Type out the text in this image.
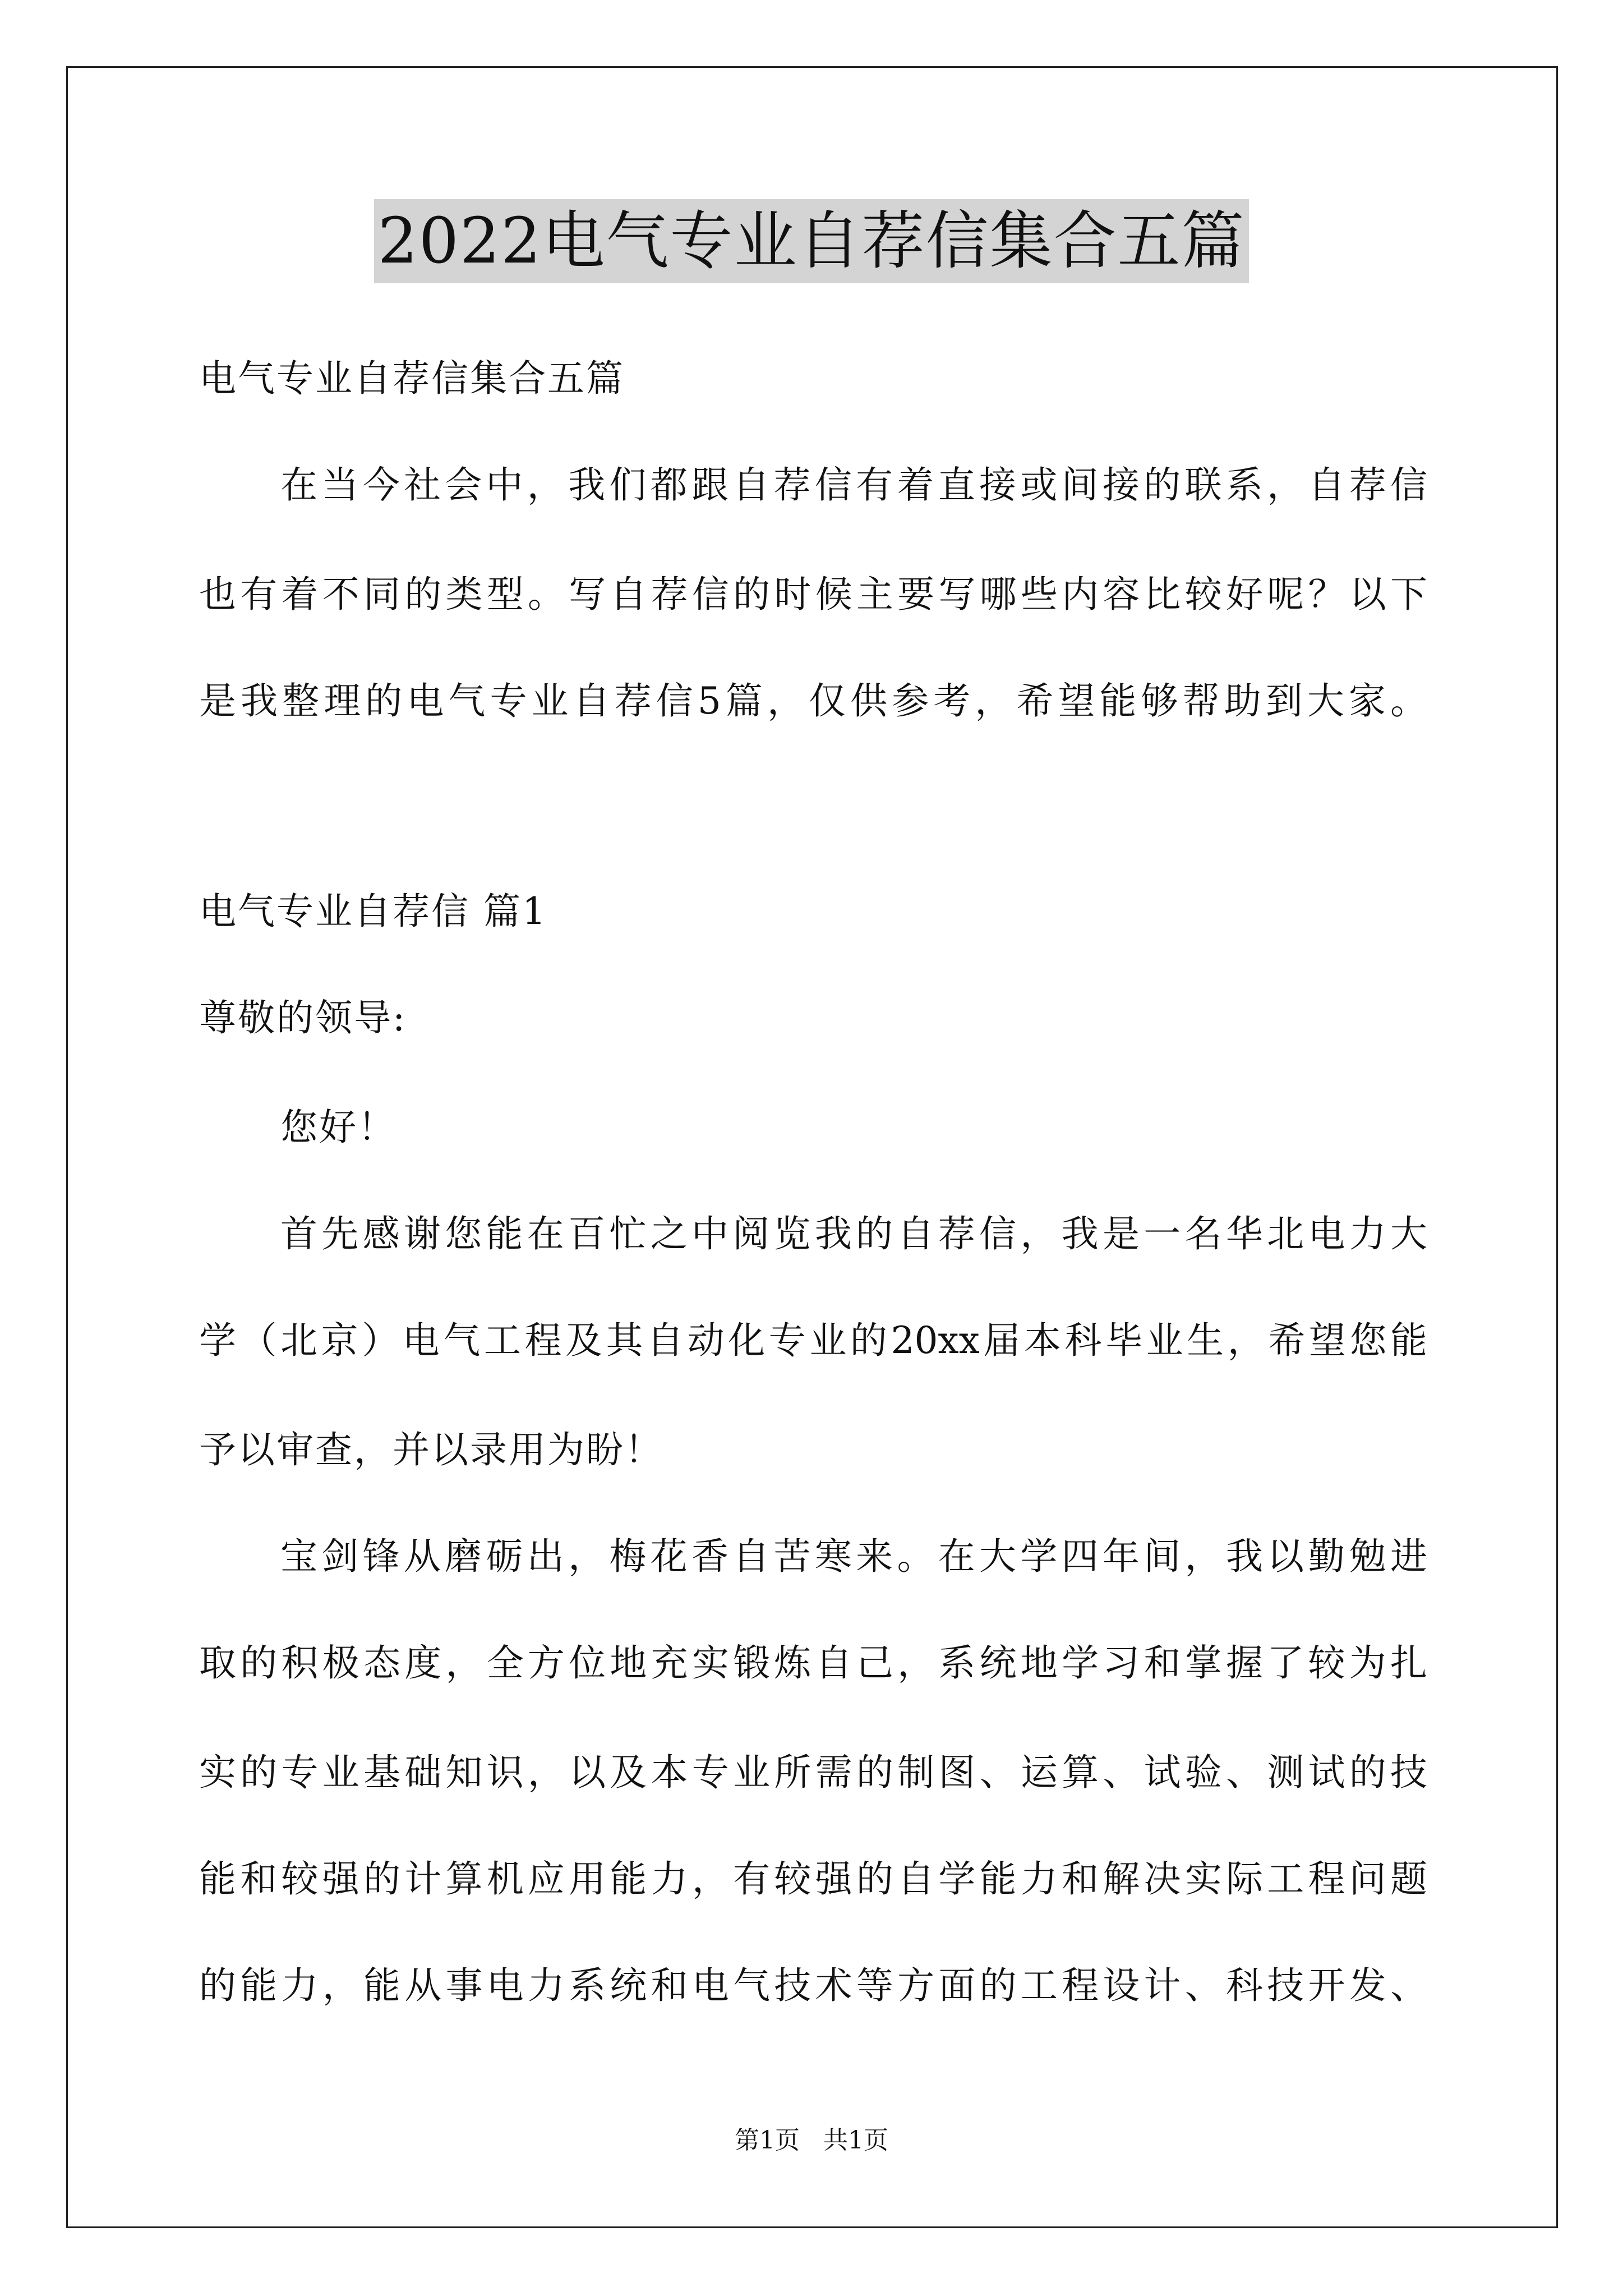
2022电气专业自荐信集合五篇
电气专业自荐信集合五篇
在当今社会中，我们都跟自荐信有着直接或间接的联系，自荐信
也有着不同的类型。写自荐信的时候主要写哪些内容比较好呢？以下
是我整理的电气专业自荐信5篇，仅供参考，希望能够帮助到大家。
电气专业自荐信 篇1
尊敬的领导:
您好！
首先感谢您能在百忙之中阅览我的自荐信，我是一名华北电力大
学（北京）电气工程及其自动化专业的20xx届本科毕业生，希望您能
予以审查，并以录用为盼！
宝剑锋从磨砺出，梅花香自苦寒来。在大学四年间，我以勤勉进
取的积极态度，全方位地充实锻炼自己，系统地学习和掌握了较为扎
实的专业基础知识，以及本专业所需的制图、运算、试验、测试的技
能和较强的计算机应用能力，有较强的自学能力和解决实际工程问题
的能力，能从事电力系统和电气技术等方面的工程设计、科技开发、
第1页 共1页
